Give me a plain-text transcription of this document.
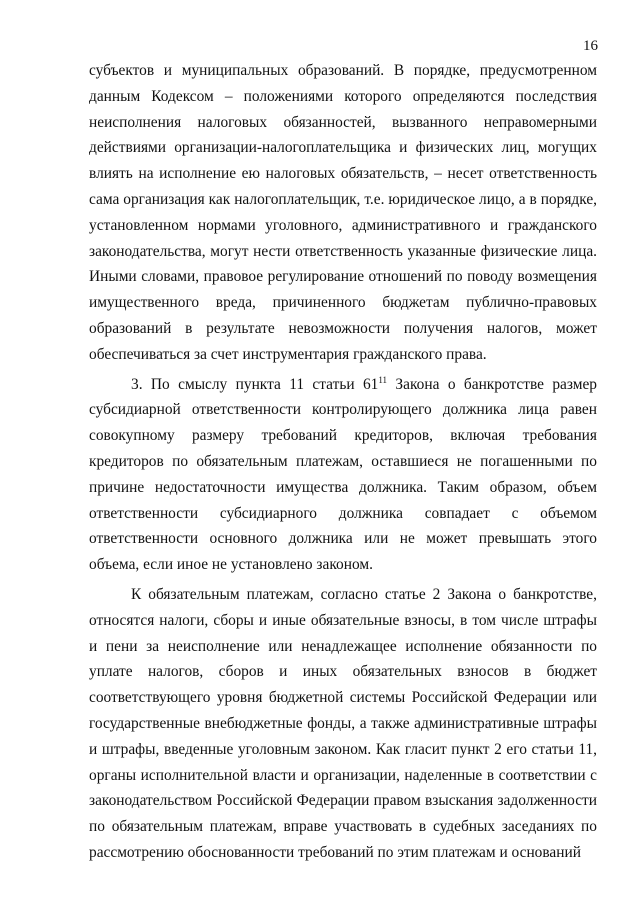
16

субъектов и муниципальных образований. В порядке, предусмотренном данным Кодексом – положениями которого определяются последствия неисполнения налоговых обязанностей, вызванного неправомерными действиями организации-налогоплательщика и физических лиц, могущих влиять на исполнение ею налоговых обязательств, – несет ответственность сама организация как налогоплательщик, т.е. юридическое лицо, а в порядке, установленном нормами уголовного, административного и гражданского законодательства, могут нести ответственность указанные физические лица. Иными словами, правовое регулирование отношений по поводу возмещения имущественного вреда, причиненного бюджетам публично-правовых образований в результате невозможности получения налогов, может обеспечиваться за счет инструментария гражданского права.

3. По смыслу пункта 11 статьи $61^{11}$ Закона о банкротстве размер субсидиарной ответственности контролирующего должника лица равен совокупному размеру требований кредиторов, включая требования кредиторов по обязательным платежам, оставшиеся не погашенными по причине недостаточности имущества должника. Таким образом, объем ответственности субсидиарного должника совпадает с объемом ответственности основного должника или не может превышать этого объема, если иное не установлено законом.

К обязательным платежам, согласно статье 2 Закона о банкротстве, относятся налоги, сборы и иные обязательные взносы, в том числе штрафы и пени за неисполнение или ненадлежащее исполнение обязанности по уплате налогов, сборов и иных обязательных взносов в бюджет соответствующего уровня бюджетной системы Российской Федерации или государственные внебюджетные фонды, а также административные штрафы и штрафы, введенные уголовным законом. Как гласит пункт 2 его статьи 11, органы исполнительной власти и организации, наделенные в соответствии с законодательством Российской Федерации правом взыскания задолженности по обязательным платежам, вправе участвовать в судебных заседаниях по рассмотрению обоснованности требований по этим платежам и оснований
